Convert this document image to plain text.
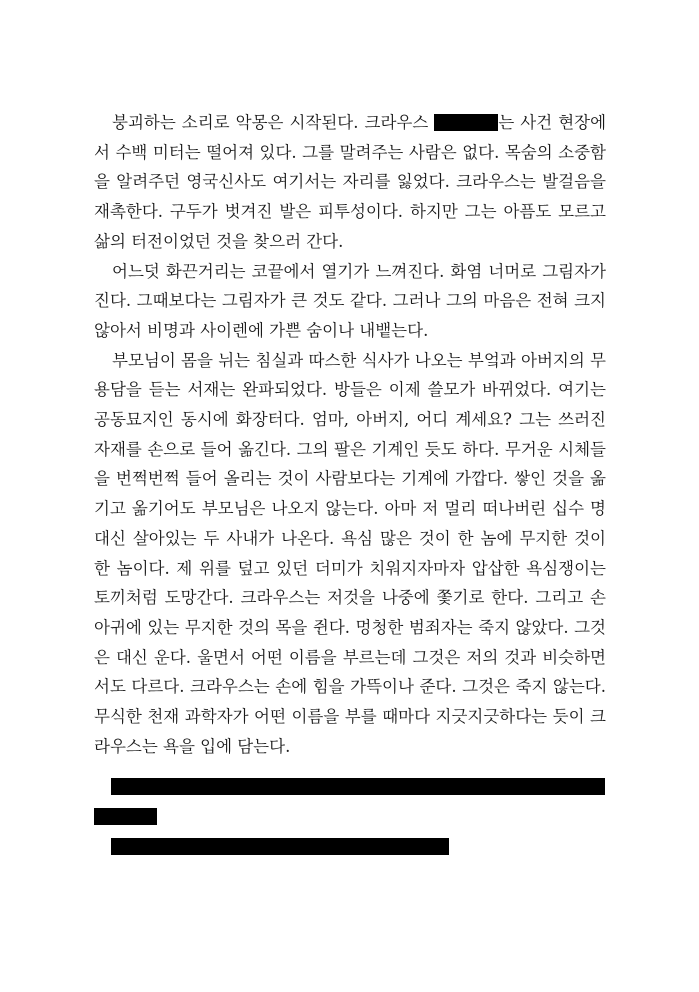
붕괴하는 소리로 악몽은 시작된다. 크라우스	는 사건 현장에서 수백 미터는 떨어져 있다. 그를 말려주는 사람은 없다. 목숨의 소중함을 알려주던 영국신사도 여기서는 자리를 잃었다. 크라우스는 발걸음을 재촉한다. 구두가 벗겨진 발은 피투성이다. 하지만 그는 아픔도 모르고 삶의 터전이었던 것을 찾으러 간다.

어느덧 화끈거리는 코끝에서 열기가 느껴진다. 화염 너머로 그림자가 진다. 그때보다는 그림자가 큰 것도 같다. 그러나 그의 마음은 전혀 크지 않아서 비명과 사이렌에 가쁜 숨이나 내뱉는다.

부모님이 몸을 뉘는 침실과 따스한 식사가 나오는 부엌과 아버지의 무용담을 듣는 서재는 완파되었다. 방들은 이제 쓸모가 바뀌었다. 여기는 공동묘지인 동시에 화장터다. 엄마, 아버지, 어디 계세요? 그는 쓰러진 자재를 손으로 들어 옮긴다. 그의 팔은 기계인 듯도 하다. 무거운 시체들을 번쩍번쩍 들어 올리는 것이 사람보다는 기계에 가깝다. 쌓인 것을 옮기고 옮기어도 부모님은 나오지 않는다. 아마 저 멀리 떠나버린 십수 명 대신 살아있는 두 사내가 나온다. 욕심 많은 것이 한 놈에 무지한 것이 한 놈이다. 제 위를 덮고 있던 더미가 치워지자마자 압삽한 욕심쟁이는 토끼처럼 도망간다. 크라우스는 저것을 나중에 쫓기로 한다. 그리고 손아귀에 있는 무지한 것의 목을 쥔다. 멍청한 범죄자는 죽지 않았다. 그것은 대신 운다. 울면서 어떤 이름을 부르는데 그것은 저의 것과 비슷하면서도 다르다. 크라우스는 손에 힘을 가뜩이나 준다. 그것은 죽지 않는다. 무식한 천재 과학자가 어떤 이름을 부를 때마다 지긋지긋하다는 듯이 크라우스는 욕을 입에 담는다.
